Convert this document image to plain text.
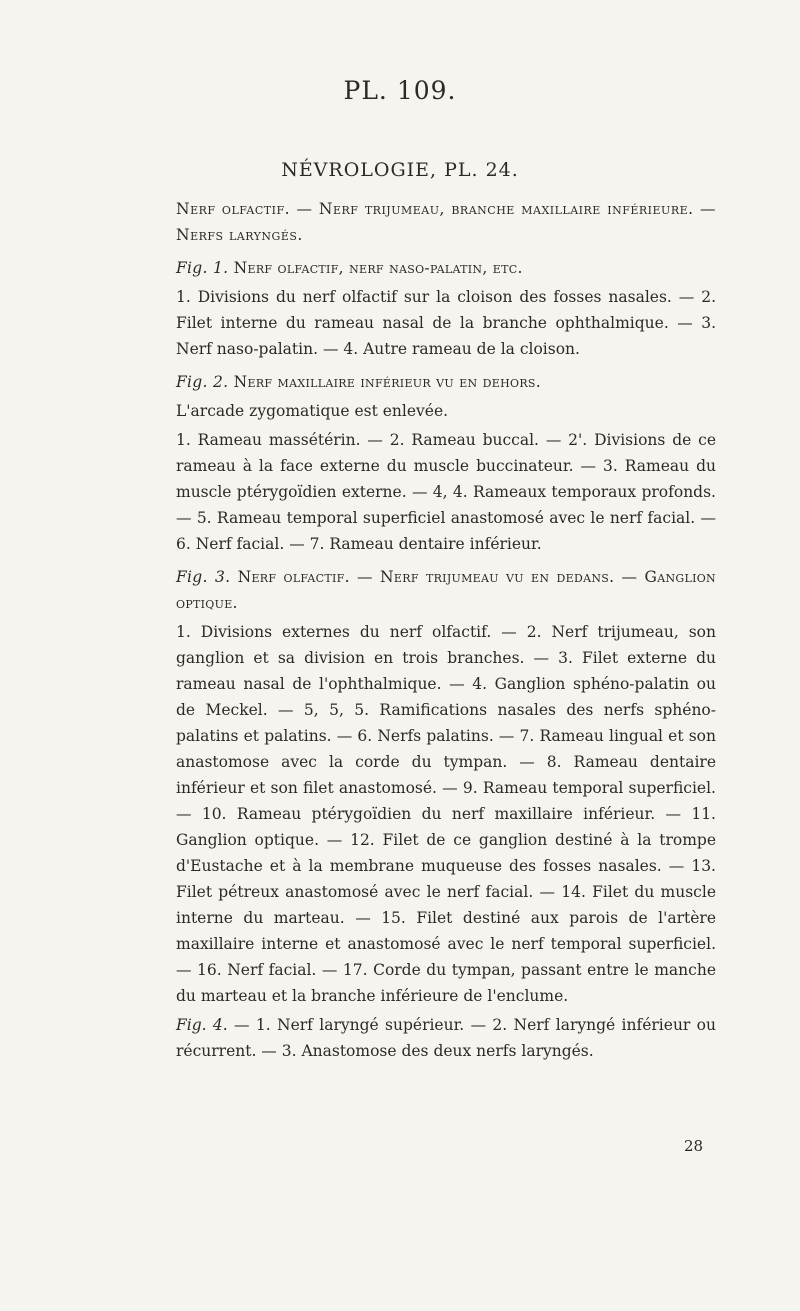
PL. 109.
NÉVROLOGIE, PL. 24.

Nerf olfactif. — Nerf trijumeau, branche maxillaire inférieure. — Nerfs laryngés.

Fig. 1. Nerf olfactif, nerf naso-palatin, etc.

1. Divisions du nerf olfactif sur la cloison des fosses nasales. — 2. Filet interne du rameau nasal de la branche ophthalmique. — 3. Nerf naso-palatin. — 4. Autre rameau de la cloison.

Fig. 2. Nerf maxillaire inférieur vu en dehors.

L'arcade zygomatique est enlevée.

1. Rameau massétérin. — 2. Rameau buccal. — 2'. Divisions de ce rameau à la face externe du muscle buccinateur. — 3. Rameau du muscle ptérygoïdien externe. — 4, 4. Rameaux temporaux profonds. — 5. Rameau temporal superficiel anastomosé avec le nerf facial. — 6. Nerf facial. — 7. Rameau dentaire inférieur.

Fig. 3. Nerf olfactif. — Nerf trijumeau vu en dedans. — Ganglion optique.

1. Divisions externes du nerf olfactif. — 2. Nerf trijumeau, son ganglion et sa division en trois branches. — 3. Filet externe du rameau nasal de l'ophthalmique. — 4. Ganglion sphéno-palatin ou de Meckel. — 5, 5, 5. Ramifications nasales des nerfs sphéno-palatins et palatins. — 6. Nerfs palatins. — 7. Rameau lingual et son anastomose avec la corde du tympan. — 8. Rameau dentaire inférieur et son filet anastomosé. — 9. Rameau temporal superficiel. — 10. Rameau ptérygoïdien du nerf maxillaire inférieur. — 11. Ganglion optique. — 12. Filet de ce ganglion destiné à la trompe d'Eustache et à la membrane muqueuse des fosses nasales. — 13. Filet pétreux anastomosé avec le nerf facial. — 14. Filet du muscle interne du marteau. — 15. Filet destiné aux parois de l'artère maxillaire interne et anastomosé avec le nerf temporal superficiel. — 16. Nerf facial. — 17. Corde du tympan, passant entre le manche du marteau et la branche inférieure de l'enclume.

Fig. 4. — 1. Nerf laryngé supérieur. — 2. Nerf laryngé inférieur ou récurrent. — 3. Anastomose des deux nerfs laryngés.

28
